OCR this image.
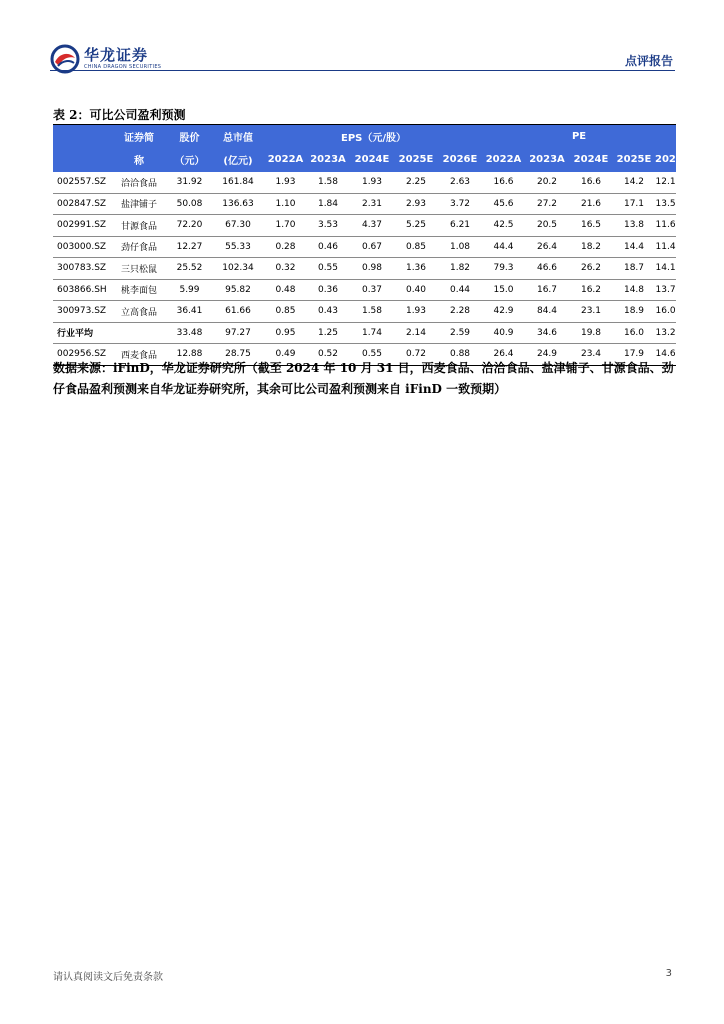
华龙证券
CHINA DRAGON SECURITIES	点评报告
表 2：可比公司盈利预测
	证券简	股价	总市值	EPS（元/股）					PE				
	称	（元）	(亿元)	2022A	2023A	2024E	2025E	2026E	2022A	2023A	2024E	2025E	2026E
002557.SZ	洽洽食品	31.92	161.84	1.93	1.58	1.93	2.25	2.63	16.6	20.2	16.6	14.2	12.1
002847.SZ	盐津铺子	50.08	136.63	1.10	1.84	2.31	2.93	3.72	45.6	27.2	21.6	17.1	13.5
002991.SZ	甘源食品	72.20	67.30	1.70	3.53	4.37	5.25	6.21	42.5	20.5	16.5	13.8	11.6
003000.SZ	劲仔食品	12.27	55.33	0.28	0.46	0.67	0.85	1.08	44.4	26.4	18.2	14.4	11.4
300783.SZ	三只松鼠	25.52	102.34	0.32	0.55	0.98	1.36	1.82	79.3	46.6	26.2	18.7	14.1
603866.SH	桃李面包	5.99	95.82	0.48	0.36	0.37	0.40	0.44	15.0	16.7	16.2	14.8	13.7
300973.SZ	立高食品	36.41	61.66	0.85	0.43	1.58	1.93	2.28	42.9	84.4	23.1	18.9	16.0
行业平均		33.48	97.27	0.95	1.25	1.74	2.14	2.59	40.9	34.6	19.8	16.0	13.2
002956.SZ	西麦食品	12.88	28.75	0.49	0.52	0.55	0.72	0.88	26.4	24.9	23.4	17.9	14.6
数据来源：iFinD，华龙证券研究所（截至 2024 年 10 月 31 日，西麦食品、洽洽食品、盐津铺子、甘源食品、劲仔食品盈利预测来自华龙证券研究所，其余可比公司盈利预测来自 iFinD 一致预期）
请认真阅读文后免责条款	3
